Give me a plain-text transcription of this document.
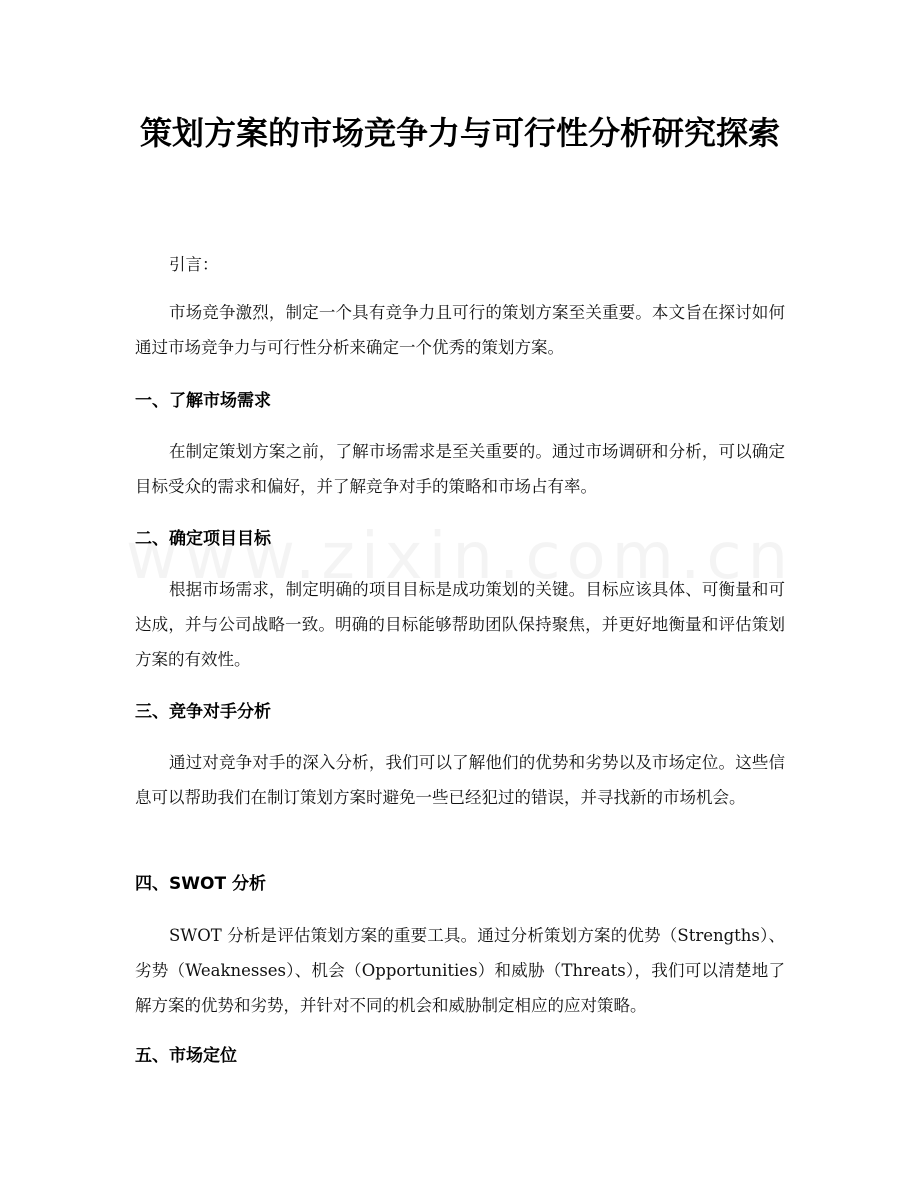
策划方案的市场竞争力与可行性分析研究探索

引言：

市场竞争激烈，制定一个具有竞争力且可行的策划方案至关重要。本文旨在探讨如何通过市场竞争力与可行性分析来确定一个优秀的策划方案。

一、了解市场需求

在制定策划方案之前，了解市场需求是至关重要的。通过市场调研和分析，可以确定目标受众的需求和偏好，并了解竞争对手的策略和市场占有率。

二、确定项目目标

根据市场需求，制定明确的项目目标是成功策划的关键。目标应该具体、可衡量和可达成，并与公司战略一致。明确的目标能够帮助团队保持聚焦，并更好地衡量和评估策划方案的有效性。

三、竞争对手分析

通过对竞争对手的深入分析，我们可以了解他们的优势和劣势以及市场定位。这些信息可以帮助我们在制订策划方案时避免一些已经犯过的错误，并寻找新的市场机会。

四、SWOT 分析

SWOT 分析是评估策划方案的重要工具。通过分析策划方案的优势（Strengths）、劣势（Weaknesses）、机会（Opportunities）和威胁（Threats），我们可以清楚地了解方案的优势和劣势，并针对不同的机会和威胁制定相应的应对策略。

五、市场定位
